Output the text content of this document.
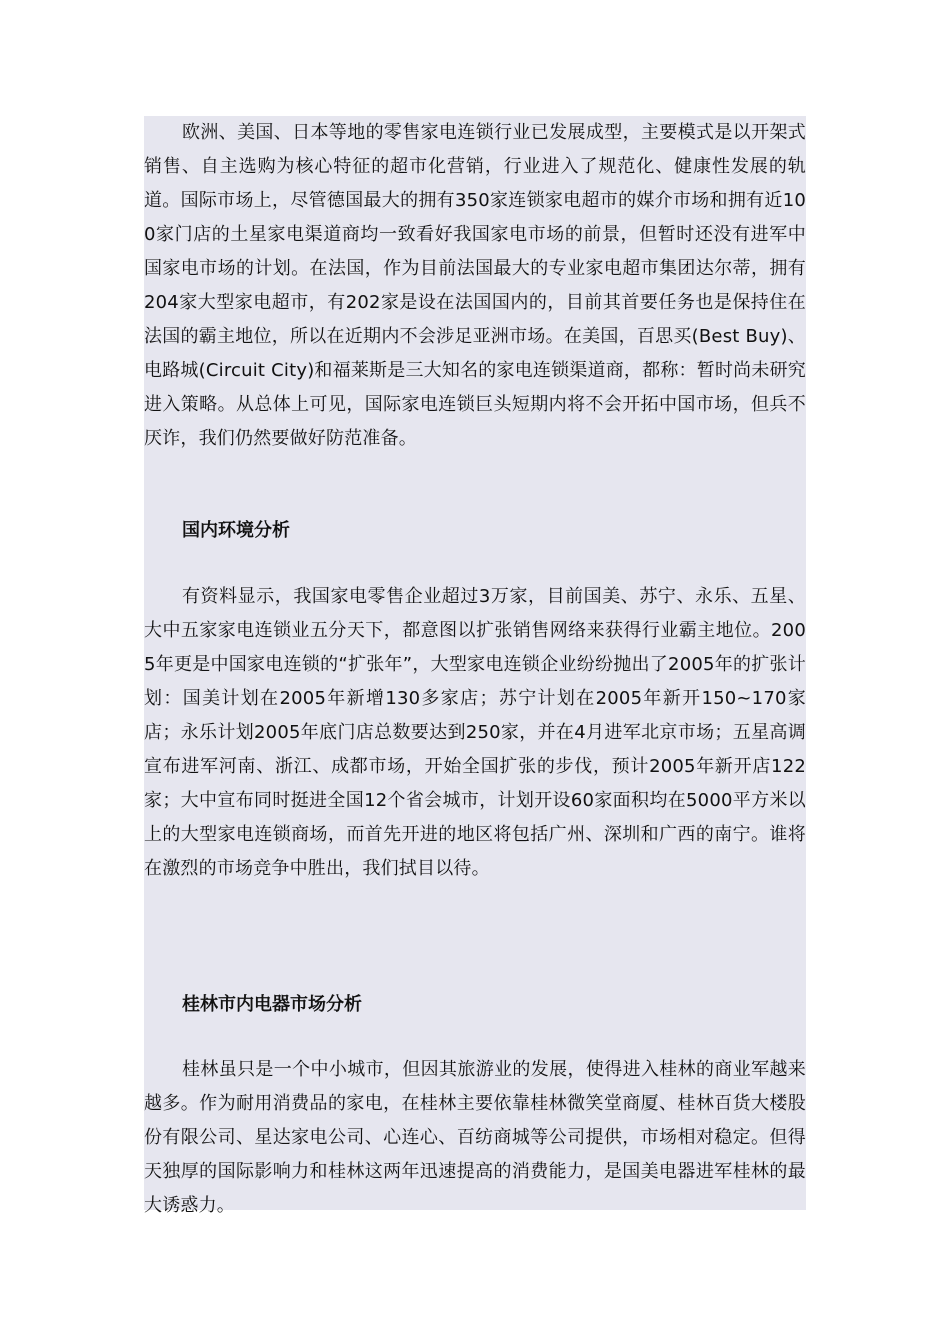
欧洲、美国、日本等地的零售家电连锁行业已发展成型，主要模式是以开架式销售、自主选购为核心特征的超市化营销，行业进入了规范化、健康性发展的轨道。国际市场上，尽管德国最大的拥有350家连锁家电超市的媒介市场和拥有近100家门店的土星家电渠道商均一致看好我国家电市场的前景，但暂时还没有进军中国家电市场的计划。在法国，作为目前法国最大的专业家电超市集团达尔蒂，拥有204家大型家电超市，有202家是设在法国国内的，目前其首要任务也是保持住在法国的霸主地位，所以在近期内不会涉足亚洲市场。在美国，百思买(Best Buy)、电路城(Circuit City)和福莱斯是三大知名的家电连锁渠道商，都称：暂时尚未研究进入策略。从总体上可见，国际家电连锁巨头短期内将不会开拓中国市场，但兵不厌诈，我们仍然要做好防范准备。

国内环境分析

有资料显示，我国家电零售企业超过3万家，目前国美、苏宁、永乐、五星、大中五家家电连锁业五分天下，都意图以扩张销售网络来获得行业霸主地位。2005年更是中国家电连锁的“扩张年”，大型家电连锁企业纷纷抛出了2005年的扩张计划：国美计划在2005年新增130多家店；苏宁计划在2005年新开150~170家店；永乐计划2005年底门店总数要达到250家，并在4月进军北京市场；五星高调宣布进军河南、浙江、成都市场，开始全国扩张的步伐，预计2005年新开店122家；大中宣布同时挺进全国12个省会城市，计划开设60家面积均在5000平方米以上的大型家电连锁商场，而首先开进的地区将包括广州、深圳和广西的南宁。谁将在激烈的市场竞争中胜出，我们拭目以待。

桂林市内电器市场分析

桂林虽只是一个中小城市，但因其旅游业的发展，使得进入桂林的商业军越来越多。作为耐用消费品的家电，在桂林主要依靠桂林微笑堂商厦、桂林百货大楼股份有限公司、星达家电公司、心连心、百纺商城等公司提供，市场相对稳定。但得天独厚的国际影响力和桂林这两年迅速提高的消费能力，是国美电器进军桂林的最大诱惑力。
